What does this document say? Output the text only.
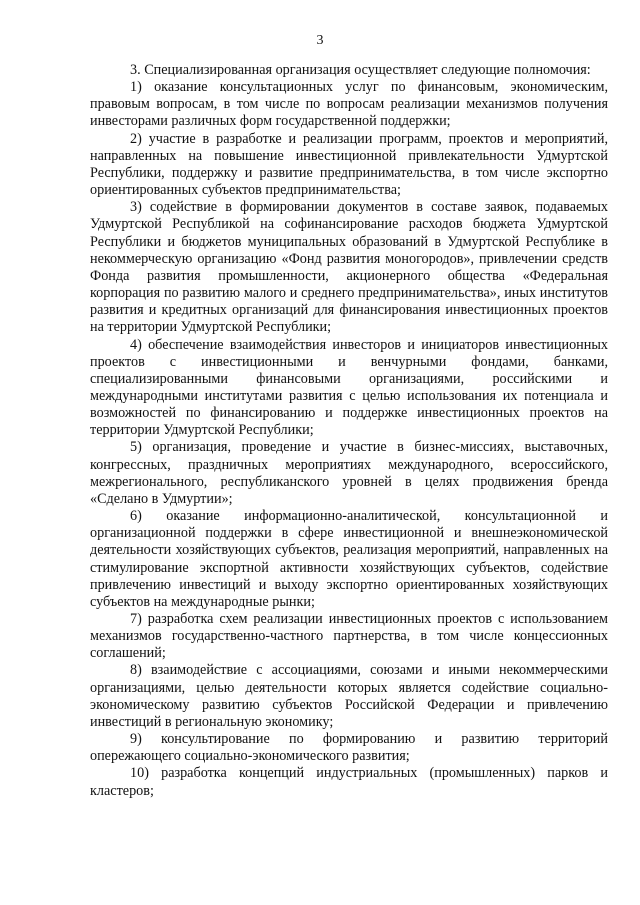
3

3. Специализированная организация осуществляет следующие полномочия:

1) оказание консультационных услуг по финансовым, экономическим, правовым вопросам, в том числе по вопросам реализации механизмов получения инвесторами различных форм государственной поддержки;

2) участие в разработке и реализации программ, проектов и мероприятий, направленных на повышение инвестиционной привлекательности Удмуртской Республики, поддержку и развитие предпринимательства, в том числе экспортно ориентированных субъектов предпринимательства;

3) содействие в формировании документов в составе заявок, подаваемых Удмуртской Республикой на софинансирование расходов бюджета Удмуртской Республики и бюджетов муниципальных образований в Удмуртской Республике в некоммерческую организацию «Фонд развития моногородов», привлечении средств Фонда развития промышленности, акционерного общества «Федеральная корпорация по развитию малого и среднего предпринимательства», иных институтов развития и кредитных организаций для финансирования инвестиционных проектов на территории Удмуртской Республики;

4) обеспечение взаимодействия инвесторов и инициаторов инвестиционных проектов с инвестиционными и венчурными фондами, банками, специализированными финансовыми организациями, российскими и международными институтами развития с целью использования их потенциала и возможностей по финансированию и поддержке инвестиционных проектов на территории Удмуртской Республики;

5) организация, проведение и участие в бизнес-миссиях, выставочных, конгрессных, праздничных мероприятиях международного, всероссийского, межрегионального, республиканского уровней в целях продвижения бренда «Сделано в Удмуртии»;

6) оказание информационно-аналитической, консультационной и организационной поддержки в сфере инвестиционной и внешнеэкономической деятельности хозяйствующих субъектов, реализация мероприятий, направленных на стимулирование экспортной активности хозяйствующих субъектов, содействие привлечению инвестиций и выходу экспортно ориентированных хозяйствующих субъектов на международные рынки;

7) разработка схем реализации инвестиционных проектов с использованием механизмов государственно-частного партнерства, в том числе концессионных соглашений;

8) взаимодействие с ассоциациями, союзами и иными некоммерческими организациями, целью деятельности которых является содействие социально-экономическому развитию субъектов Российской Федерации и привлечению инвестиций в региональную экономику;

9) консультирование по формированию и развитию территорий опережающего социально-экономического развития;

10) разработка концепций индустриальных (промышленных) парков и кластеров;
